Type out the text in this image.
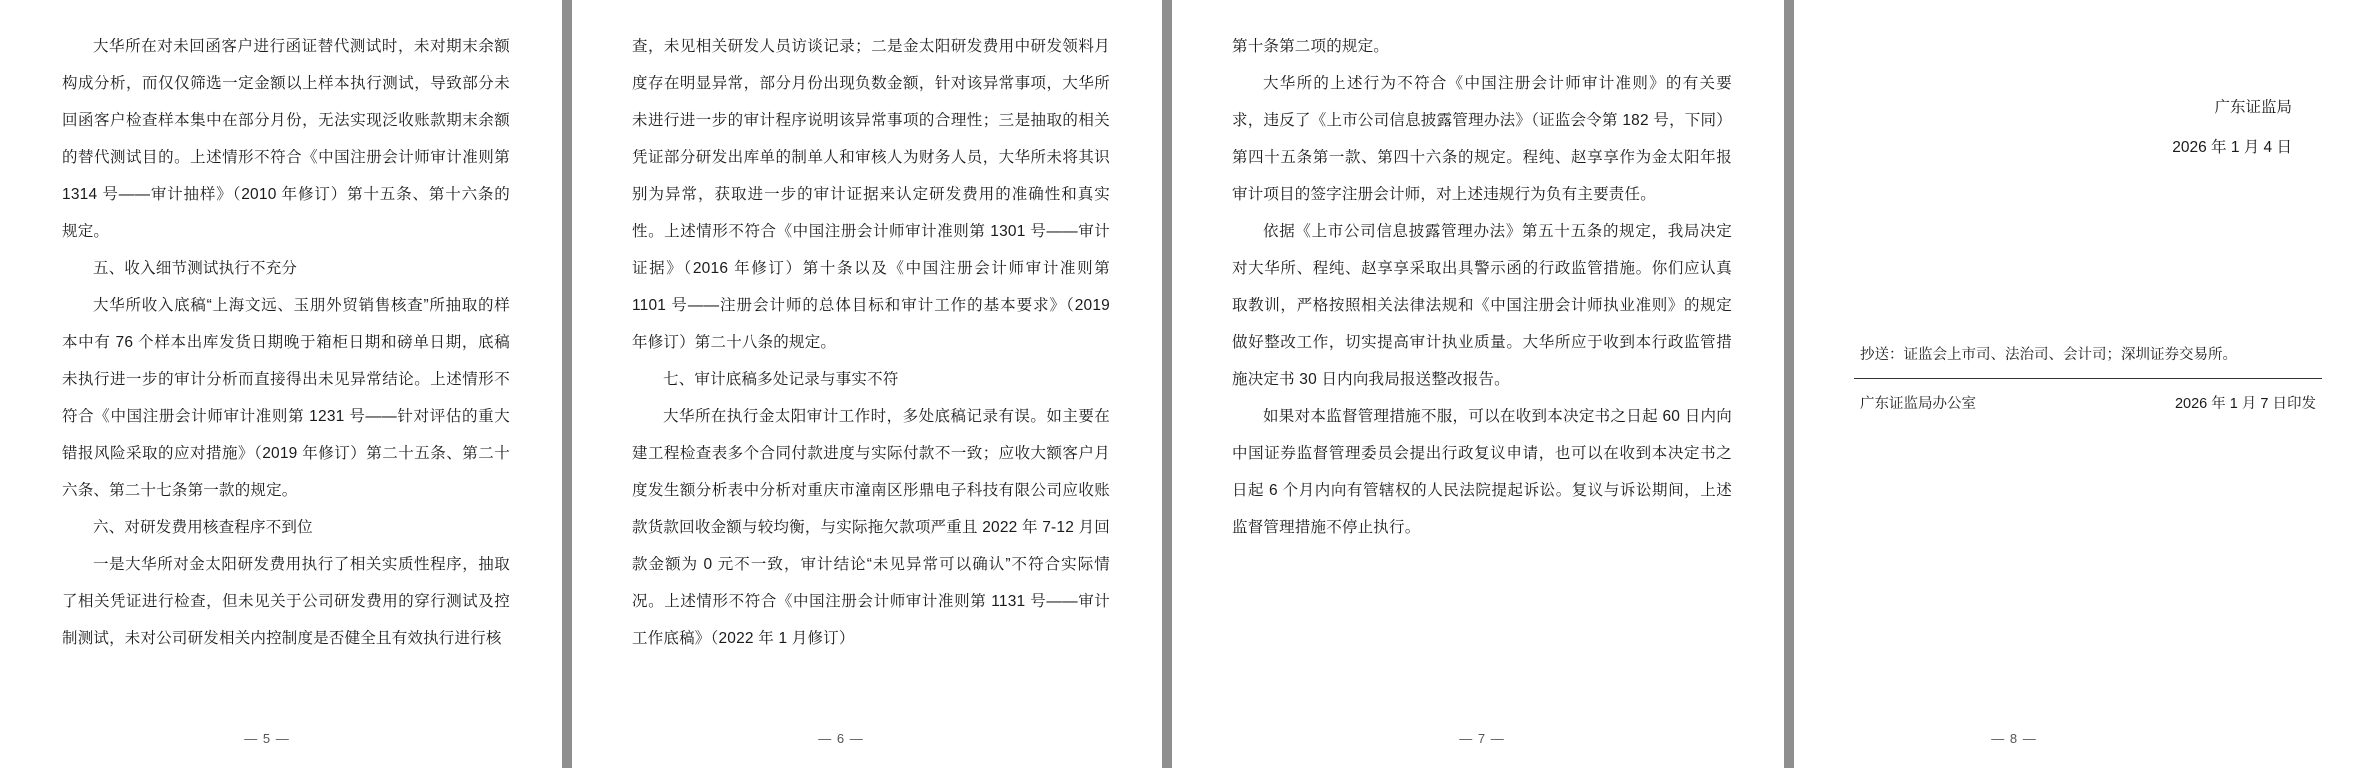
大华所在对未回函客户进行函证替代测试时，未对期末余额构成分析，而仅仅筛选一定金额以上样本执行测试，导致部分未回函客户检查样本集中在部分月份，无法实现泛收账款期末余额的替代测试目的。上述情形不符合《中国注册会计师审计准则第 1314 号——审计抽样》（2010 年修订）第十五条、第十六条的规定。

五、收入细节测试执行不充分

大华所收入底稿“上海文远、玉朋外贸销售核查”所抽取的样本中有 76 个样本出库发货日期晚于箱柜日期和磅单日期，底稿未执行进一步的审计分析而直接得出未见异常结论。上述情形不符合《中国注册会计师审计准则第 1231 号——针对评估的重大错报风险采取的应对措施》（2019 年修订）第二十五条、第二十六条、第二十七条第一款的规定。

六、对研发费用核查程序不到位

一是大华所对金太阳研发费用执行了相关实质性程序，抽取了相关凭证进行检查，但未见关于公司研发费用的穿行测试及控制测试，未对公司研发相关内控制度是否健全且有效执行进行核

— 5 —

查，未见相关研发人员访谈记录；二是金太阳研发费用中研发领料月度存在明显异常，部分月份出现负数金额，针对该异常事项，大华所未进行进一步的审计程序说明该异常事项的合理性；三是抽取的相关凭证部分研发出库单的制单人和审核人为财务人员，大华所未将其识别为异常，获取进一步的审计证据来认定研发费用的准确性和真实性。上述情形不符合《中国注册会计师审计准则第 1301 号——审计证据》（2016 年修订）第十条以及《中国注册会计师审计准则第 1101 号——注册会计师的总体目标和审计工作的基本要求》（2019 年修订）第二十八条的规定。

七、审计底稿多处记录与事实不符

大华所在执行金太阳审计工作时，多处底稿记录有误。如主要在建工程检查表多个合同付款进度与实际付款不一致；应收大额客户月度发生额分析表中分析对重庆市潼南区彤鼎电子科技有限公司应收账款货款回收金额与较均衡，与实际拖欠款项严重且 2022 年 7-12 月回款金额为 0 元不一致，审计结论“未见异常可以确认”不符合实际情况。上述情形不符合《中国注册会计师审计准则第 1131 号——审计工作底稿》（2022 年 1 月修订）

— 6 —

第十条第二项的规定。

大华所的上述行为不符合《中国注册会计师审计准则》的有关要求，违反了《上市公司信息披露管理办法》（证监会令第 182 号，下同）第四十五条第一款、第四十六条的规定。程纯、赵享享作为金太阳年报审计项目的签字注册会计师，对上述违规行为负有主要责任。

依据《上市公司信息披露管理办法》第五十五条的规定，我局决定对大华所、程纯、赵享享采取出具警示函的行政监管措施。你们应认真取教训，严格按照相关法律法规和《中国注册会计师执业准则》的规定做好整改工作，切实提高审计执业质量。大华所应于收到本行政监管措施决定书 30 日内向我局报送整改报告。

如果对本监督管理措施不服，可以在收到本决定书之日起 60 日内向中国证券监督管理委员会提出行政复议申请，也可以在收到本决定书之日起 6 个月内向有管辖权的人民法院提起诉讼。复议与诉讼期间，上述监督管理措施不停止执行。

— 7 —
广东证监局
2026 年 1 月 4 日
抄送：证监会上市司、法治司、会计司；深圳证券交易所。
广东证监局办公室	2026 年 1 月 7 日印发
— 8 —
